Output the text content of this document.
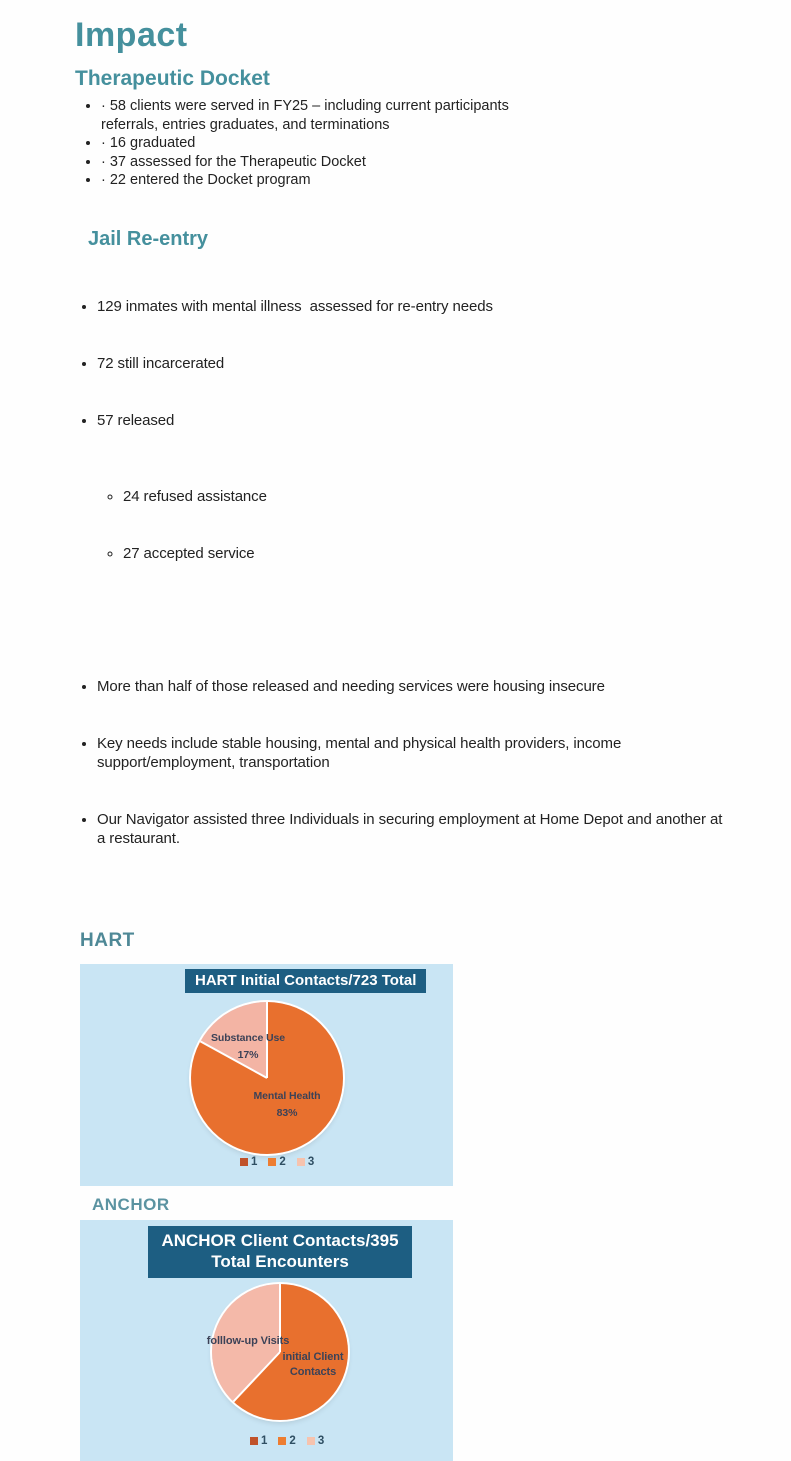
Impact
Therapeutic Docket
• · 58 clients were served in FY25 – including current participants referrals, entries graduates, and terminations
• · 16 graduated
• · 37 assessed for the Therapeutic Docket
• · 22 entered the Docket program
Jail Re-entry

• 129 inmates with mental illness  assessed for re-entry needs

• 72 still incarcerated

• 57 released

◦ 24 refused assistance

◦ 27 accepted service

• More than half of those released and needing services were housing insecure

• Key needs include stable housing, mental and physical health providers, income support/employment, transportation

• Our Navigator assisted three Individuals in securing employment at Home Depot and another at a restaurant.

HART
HART Initial Contacts/723 Total
Substance Use
17%
Mental Health
83%
1 2 3
ANCHOR
ANCHOR Client Contacts/395 Total Encounters
folllow-up Visits
initial Client Contacts
1 2 3
